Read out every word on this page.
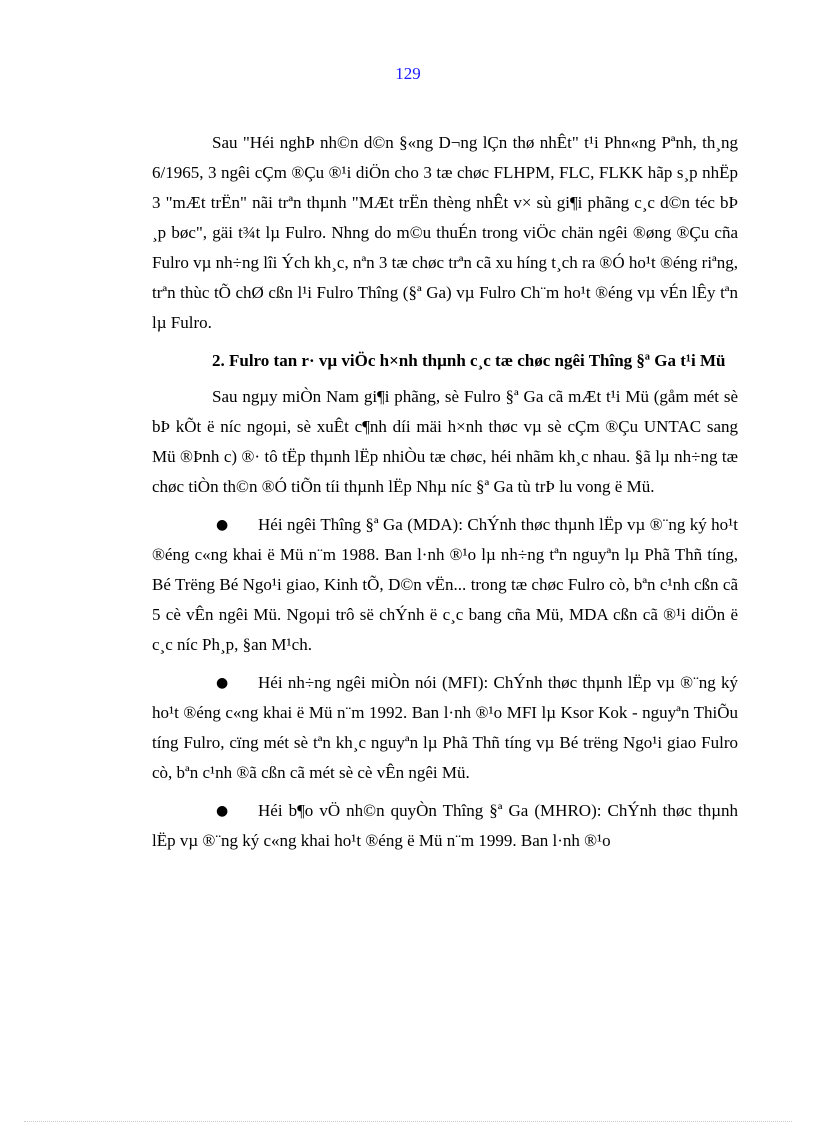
129

Sau "Héi nghÞ nh©n d©n §«ng D¬ng lÇn thø nhÊt" t¹i Phn«ng Pªnh, th¸ng 6/1965, 3 ngêi cÇm ®Çu ®¹i diÖn cho 3 tæ chøc FLHPM, FLC, FLKK hãp s¸p nhËp 3 "mÆt trËn" nãi trªn thµnh "MÆt trËn thèng nhÊt v× sù gi¶i phãng c¸c d©n téc bÞ ¸p bøc", gäi t¾t lµ Fulro. Nhng do m©u thuÉn trong viÖc chän ngêi ®øng ®Çu cña Fulro vµ nh÷ng lîi Ých kh¸c, nªn 3 tæ chøc trªn cã xu híng t¸ch ra ®Ó ho¹t ®éng riªng, trªn thùc tÕ chØ cßn l¹i Fulro Thîng (§ª Ga) vµ Fulro Ch¨m ho¹t ®éng vµ vÉn lÊy tªn lµ Fulro.

2. Fulro tan r· vµ viÖc h×nh thµnh c¸c tæ chøc ngêi Thîng §ª Ga t¹i Mü

Sau ngµy miÒn Nam gi¶i phãng, sè Fulro §ª Ga cã mÆt t¹i Mü (gåm mét sè bÞ kÕt ë níc ngoµi, sè xuÊt c¶nh díi mäi h×nh thøc vµ sè cÇm ®Çu UNTAC sang Mü ®Þnh c) ®· tô tËp thµnh lËp nhiÒu tæ chøc, héi nhãm kh¸c nhau. §ã lµ nh÷ng tæ chøc tiÒn th©n ®Ó tiÕn tíi thµnh lËp Nhµ níc §ª Ga tù trÞ lu vong ë Mü.

● Héi ngêi Thîng §ª Ga (MDA): ChÝnh thøc thµnh lËp vµ ®¨ng ký ho¹t ®éng c«ng khai ë Mü n¨m 1988. Ban l·nh ®¹o lµ nh÷ng tªn nguyªn lµ Phã Thñ tíng, Bé Trëng Bé Ngo¹i giao, Kinh tÕ, D©n vËn... trong tæ chøc Fulro cò, bªn c¹nh cßn cã 5 cè vÊn ngêi Mü. Ngoµi trô së chÝnh ë c¸c bang cña Mü, MDA cßn cã ®¹i diÖn ë c¸c níc Ph¸p, §an M¹ch.

● Héi nh÷ng ngêi miÒn nói (MFI): ChÝnh thøc thµnh lËp vµ ®¨ng ký ho¹t ®éng c«ng khai ë Mü n¨m 1992. Ban l·nh ®¹o MFI lµ Ksor Kok - nguyªn ThiÕu tíng Fulro, cïng mét sè tªn kh¸c nguyªn lµ Phã Thñ tíng vµ Bé trëng Ngo¹i giao Fulro cò, bªn c¹nh ®ã cßn cã mét sè cè vÊn ngêi Mü.

● Héi b¶o vÖ nh©n quyÒn Thîng §ª Ga (MHRO): ChÝnh thøc thµnh lËp vµ ®¨ng ký c«ng khai ho¹t ®éng ë Mü n¨m 1999. Ban l·nh ®¹o
